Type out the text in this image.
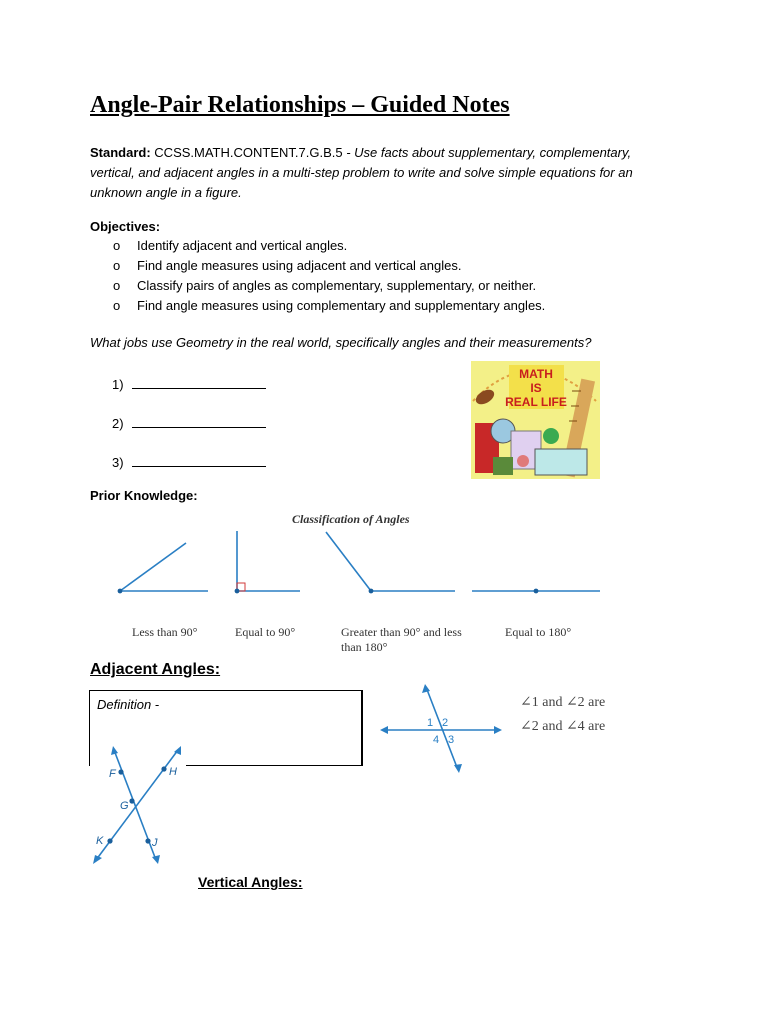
Angle-Pair Relationships – Guided Notes
Standard: CCSS.MATH.CONTENT.7.G.B.5 - Use facts about supplementary, complementary, vertical, and adjacent angles in a multi-step problem to write and solve simple equations for an unknown angle in a figure.
Objectives:
o Identify adjacent and vertical angles.
o Find angle measures using adjacent and vertical angles.
o Classify pairs of angles as complementary, supplementary, or neither.
o Find angle measures using complementary and supplementary angles.
What jobs use Geometry in the real world, specifically angles and their measurements?
1)
2)
3)
MATH
IS
REAL LIFE
Prior Knowledge:
Classification of Angles
Less than 90°	Equal to 90°	Greater than 90° and less than 180°
Equal to 180°
Adjacent Angles:
Definition -
1 2
4 3
∠1 and ∠2 are
∠2 and ∠4 are
F	H
G
K	J
Vertical Angles:
